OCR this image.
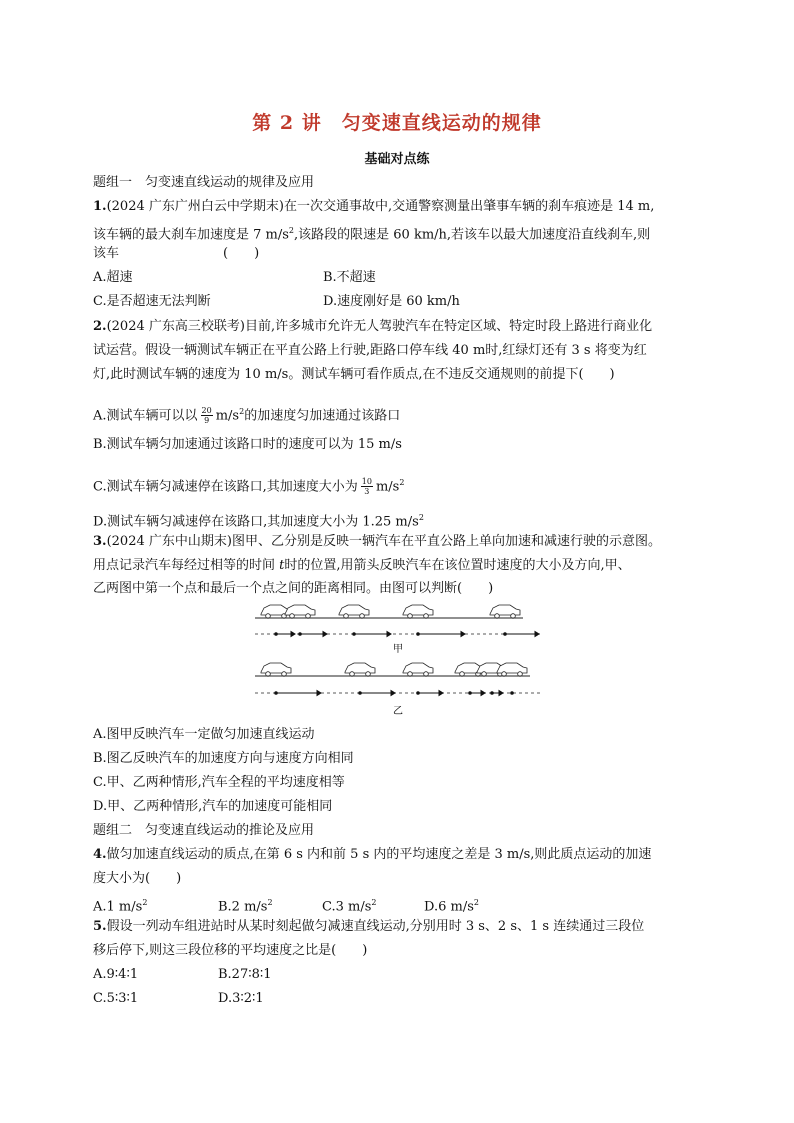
第 2 讲　匀变速直线运动的规律
基础对点练
题组一　匀变速直线运动的规律及应用
1.(2024 广东广州白云中学期末)在一次交通事故中,交通警察测量出肇事车辆的刹车痕迹是 14 m,
该车辆的最大刹车加速度是 7 $m/s^2$,该路段的限速是 60 km/h,若该车以最大加速度沿直线刹车,则
该车　　　　　　　　(　　)
A.超速	B.不超速
C.是否超速无法判断	D.速度刚好是 60 km/h
2.(2024 广东高三校联考)目前,许多城市允许无人驾驶汽车在特定区域、特定时段上路进行商业化
试运营。假设一辆测试车辆正在平直公路上行驶,距路口停车线 40 m时,红绿灯还有 3 s 将变为红
灯,此时测试车辆的速度为 10 m/s。测试车辆可看作质点,在不违反交通规则的前提下(　　)
A.测试车辆可以以 $\frac{20}{9} m/s^2$的加速度匀加速通过该路口
B.测试车辆匀加速通过该路口时的速度可以为 15 m/s
C.测试车辆匀减速停在该路口,其加速度大小为 $\frac{10}{3} m/s^2$
D.测试车辆匀减速停在该路口,其加速度大小为 1.25 $m/s^2$
3.(2024 广东中山期末)图甲、乙分别是反映一辆汽车在平直公路上单向加速和减速行驶的示意图。
用点记录汽车每经过相等的时间 t时的位置,用箭头反映汽车在该位置时速度的大小及方向,甲、
乙两图中第一个点和最后一个点之间的距离相同。由图可以判断(　　)
甲
乙
A.图甲反映汽车一定做匀加速直线运动
B.图乙反映汽车的加速度方向与速度方向相同
C.甲、乙两种情形,汽车全程的平均速度相等
D.甲、乙两种情形,汽车的加速度可能相同
题组二　匀变速直线运动的推论及应用
4.做匀加速直线运动的质点,在第 6 s 内和前 5 s 内的平均速度之差是 3 m/s,则此质点运动的加速
度大小为(　　)
A.1 $m/s^2$	B.2 $m/s^2$	C.3 $m/s^2$	D.6 $m/s^2$
5.假设一列动车组进站时从某时刻起做匀减速直线运动,分别用时 3 s、2 s、1 s 连续通过三段位
移后停下,则这三段位移的平均速度之比是(　　)
A.9∶4∶1	B.27∶8∶1
C.5∶3∶1	D.3∶2∶1
